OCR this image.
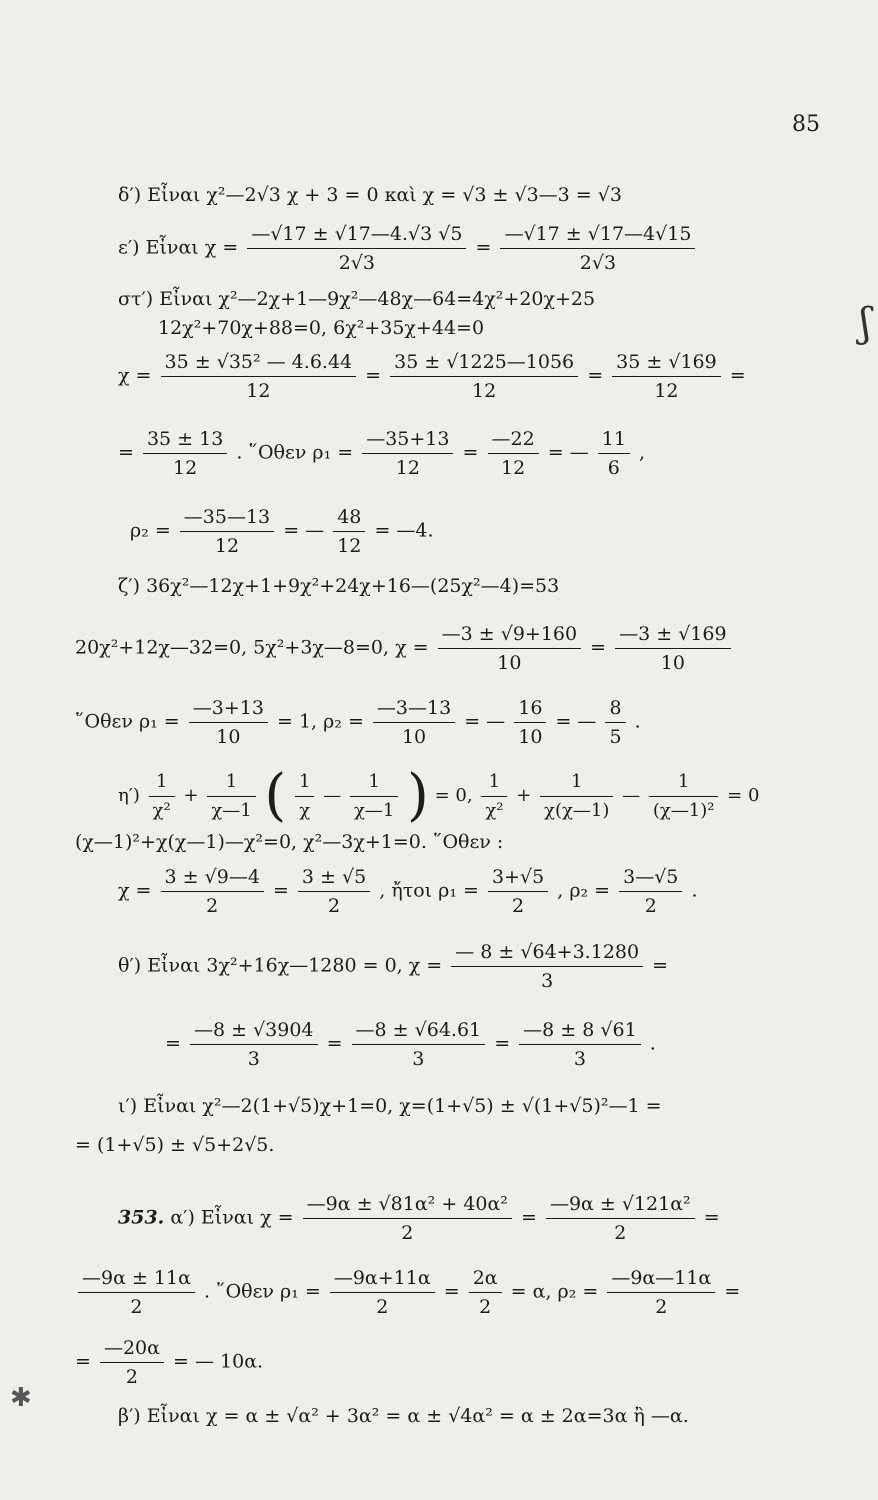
85
ʃ
✱
δ′) Εἶναι χ²—2√3 χ + 3 = 0 καὶ χ = √3 ± √3—3 = √3
ε′) Εἶναι $\chi = \frac{—√17 \pm √17—4.√3 √5}{2√3} = \frac{—√17 \pm √17—4√15}{2√3}$
στ′) Εἶναι χ²—2χ+1—9χ²—48χ—64=4χ²+20χ+25
12χ²+70χ+88=0, 6χ²+35χ+44=0
$\chi = \frac{\text{35 ± √35² — 4.6.44}}{12} = \frac{35 \pm √1225—1056}{12} = \frac{35 \pm √169}{12}$ =
= $\frac{35 \pm 13}{12}$ . ῞Οθεν $\rho_1 = \frac{—35+13}{12} = \frac{—22}{12}$ = — $\frac{11}{6}$ ,
$\rho_2 = \frac{—35—13}{12}$ = — $\frac{48}{12}$ = —4.
ζ′) 36χ²—12χ+1+9χ²+24χ+16—(25χ²—4)=53
20χ²+12χ—32=0, 5χ²+3χ—8=0, $\chi = \frac{—3 \pm √9+160}{10} = \frac{—3 \pm √169}{10}$
῞Οθεν $\rho_1 = \frac{—3+13}{10} = 1$, $\rho_2 = \frac{—3—13}{10}$ = — $\frac{16}{10}$ = — $\frac{8}{5}$ .
$\eta') \frac{1}{\text{χ²}} + \frac{1}{\chi—1}$ ( $\frac{1}{\chi}$ — $\frac{1}{\chi—1}$ ) = 0, $\frac{1}{\text{χ²}} + \frac{1}{\chi(\chi—1)}$ — $\frac{1}{\text{(χ—1)²}} = 0$
(χ—1)²+χ(χ—1)—χ²=0, χ²—3χ+1=0. ῞Οθεν :
$\chi = \frac{3 \pm √9—4}{2} = \frac{3 \pm √5}{2}$ , ἤτοι $\rho_1 = \frac{3+√5}{2}$ , $\rho_2 = \frac{3—√5}{2}$ .
θ′) Εἶναι 3χ²+16χ—1280 = 0, $\chi = \frac{— 8 \pm √64+3.1280}{3}$ =
= $\frac{—8 \pm √3904}{3} = \frac{—8 \pm √64.61}{3} = \frac{—8 \pm 8 √61}{3}$ .
ι′) Εἶναι χ²—2(1+√5)χ+1=0, χ=(1+√5) ± √(1+√5)²—1 =
= (1+√5) ± √5+2√5.
353. α′) Εἶναι $\chi = \frac{\text{—9α ± √81α² + 40α²}}{2} = \frac{\text{—9α ± √121α²}}{2}$ =
$\frac{—9\alpha \pm 11\alpha}{2}$ . ῞Οθεν $\rho_1 = \frac{—9\alpha+11\alpha}{2} = \frac{2\alpha}{2} = \alpha$, $\rho_2 = \frac{—9\alpha—11\alpha}{2}$ =
= $\frac{—20\alpha}{2}$ = — 10α.
β′) Εἶναι χ = α ± √α² + 3α² = α ± √4α² = α ± 2α=3α ἢ —α.
